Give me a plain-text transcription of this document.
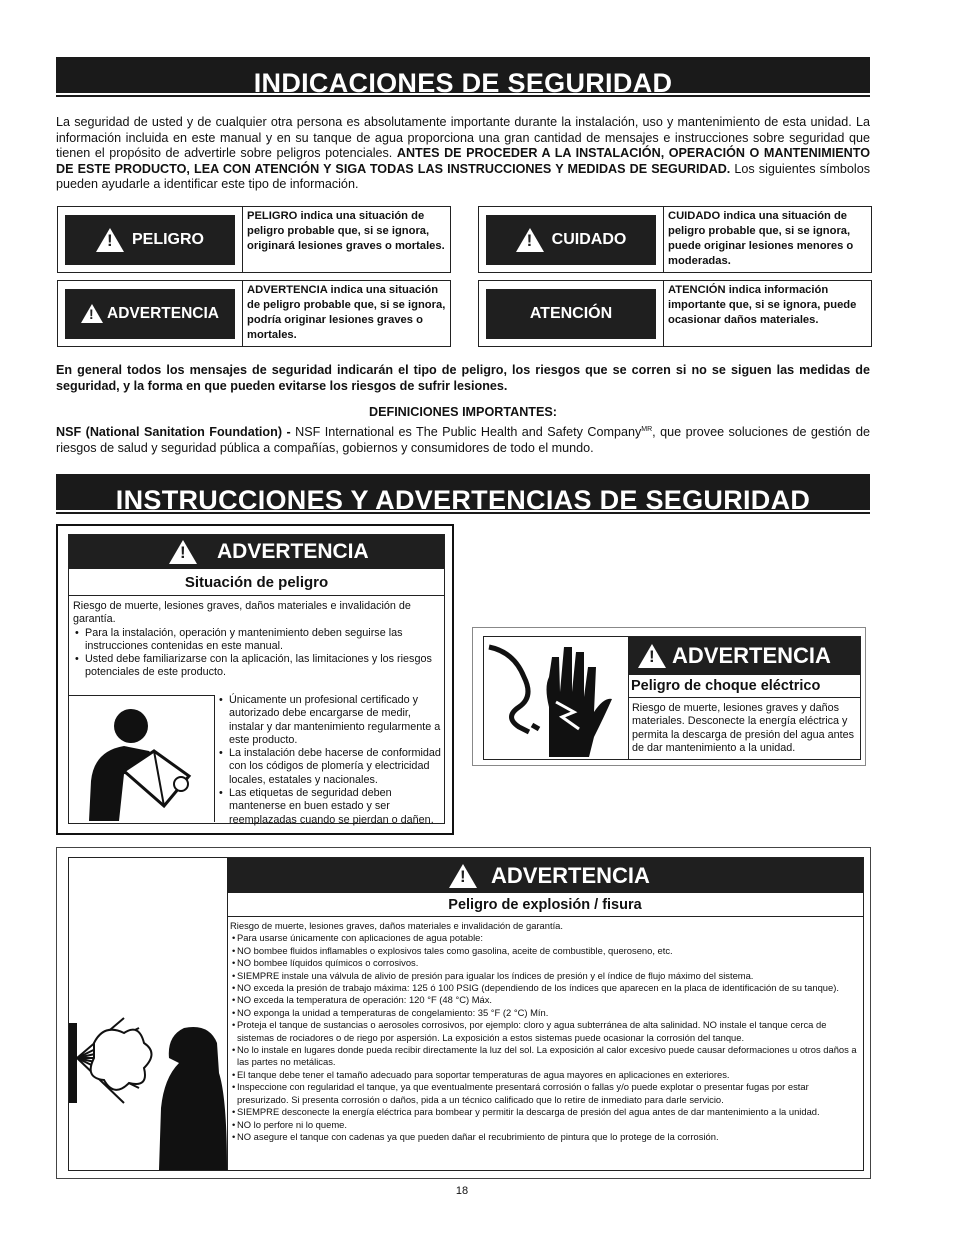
INDICACIONES DE SEGURIDAD

La seguridad de usted y de cualquier otra persona es absolutamente importante durante la instalación, uso y mantenimiento de esta unidad. La información incluida en este manual y en su tanque de agua proporciona una gran cantidad de mensajes e instrucciones sobre seguridad que tienen el propósito de advertirle sobre peligros potenciales. ANTES DE PROCEDER A LA INSTALACIÓN, OPERACIÓN O MANTENIMIENTO DE ESTE PRODUCTO, LEA CON ATENCIÓN Y SIGA TODAS LAS INSTRUCCIONES Y MEDIDAS DE SEGURIDAD. Los siguientes símbolos pueden ayudarle a identificar este tipo de información.

!
PELIGRO
PELIGRO indica una situación de peligro probable que, si se ignora, originará lesiones graves o mortales.
!	CUIDADO
CUIDADO indica una situación de peligro probable que, si se ignora, puede originar lesiones menores o moderadas.
!
ADVERTENCIA
ADVERTENCIA indica una situación de peligro probable que, si se ignora, podría originar lesiones graves o mortales.
ATENCIÓN
ATENCIÓN indica información importante que, si se ignora, puede ocasionar daños materiales.

En general todos los mensajes de seguridad indicarán el tipo de peligro, los riesgos que se corren si no se siguen las medidas de seguridad, y la forma en que pueden evitarse los riesgos de sufrir lesiones.

DEFINICIONES IMPORTANTES:

NSF (National Sanitation Foundation) - NSF International es The Public Health and Safety Company$^{MR}$, que provee soluciones de gestión de riesgos de salud y seguridad pública a compañías, gobiernos y consumidores de todo el mundo.

INSTRUCCIONES Y ADVERTENCIAS DE SEGURIDAD
!
ADVERTENCIA
Situación de peligro
Riesgo de muerte, lesiones graves, daños materiales e invalidación de garantía.
• Para la instalación, operación y mantenimiento deben seguirse las instrucciones contenidas en este manual.
• Usted debe familiarizarse con la aplicación, las limitaciones y los riesgos potenciales de este producto.
• Únicamente un profesional certificado y autorizado debe encargarse de medir, instalar y dar mantenimiento regularmente a este producto.
• La instalación debe hacerse de conformidad con los códigos de plomería y electricidad locales, estatales y nacionales.
• Las etiquetas de seguridad deben mantenerse en buen estado y ser reemplazadas cuando se pierdan o dañen.
!
ADVERTENCIA
Peligro de choque eléctrico
Riesgo de muerte, lesiones graves y daños materiales. Desconecte la energía eléctrica y permita la descarga de presión del agua antes de dar mantenimiento a la unidad.
!
ADVERTENCIA
Peligro de explosión / fisura
Riesgo de muerte, lesiones graves, daños materiales e invalidación de garantía.
• Para usarse únicamente con aplicaciones de agua potable:
• NO bombee fluidos inflamables o explosivos tales como gasolina, aceite de combustible, queroseno, etc.
• NO bombee líquidos químicos o corrosivos.
• SIEMPRE instale una válvula de alivio de presión para igualar los índices de presión y el índice de flujo máximo del sistema.
• NO exceda la presión de trabajo máxima: 125 ó 100 PSIG (dependiendo de los índices que aparecen en la placa de identificación de su tanque).
• NO exceda la temperatura de operación: 120 °F (48 °C) Máx.
• NO exponga la unidad a temperaturas de congelamiento: 35 °F (2 °C) Mín.
• Proteja el tanque de sustancias o aerosoles corrosivos, por ejemplo: cloro y agua subterránea de alta salinidad. NO instale el tanque cerca de sistemas de rociadores o de riego por aspersión. La exposición a estos sistemas puede ocasionar la corrosión del tanque.
• No lo instale en lugares donde pueda recibir directamente la luz del sol. La exposición al calor excesivo puede causar deformaciones u otros daños a las partes no metálicas.
• El tanque debe tener el tamaño adecuado para soportar temperaturas de agua mayores en aplicaciones en exteriores.
• Inspeccione con regularidad el tanque, ya que eventualmente presentará corrosión o fallas y/o puede explotar o presentar fugas por estar presurizado. Si presenta corrosión o daños, pida a un técnico calificado que lo retire de inmediato para darle servicio.
• SIEMPRE desconecte la energía eléctrica para bombear y permitir la descarga de presión del agua antes de dar mantenimiento a la unidad.
• NO lo perfore ni lo queme.
• NO asegure el tanque con cadenas ya que pueden dañar el recubrimiento de pintura que lo protege de la corrosión.
18
